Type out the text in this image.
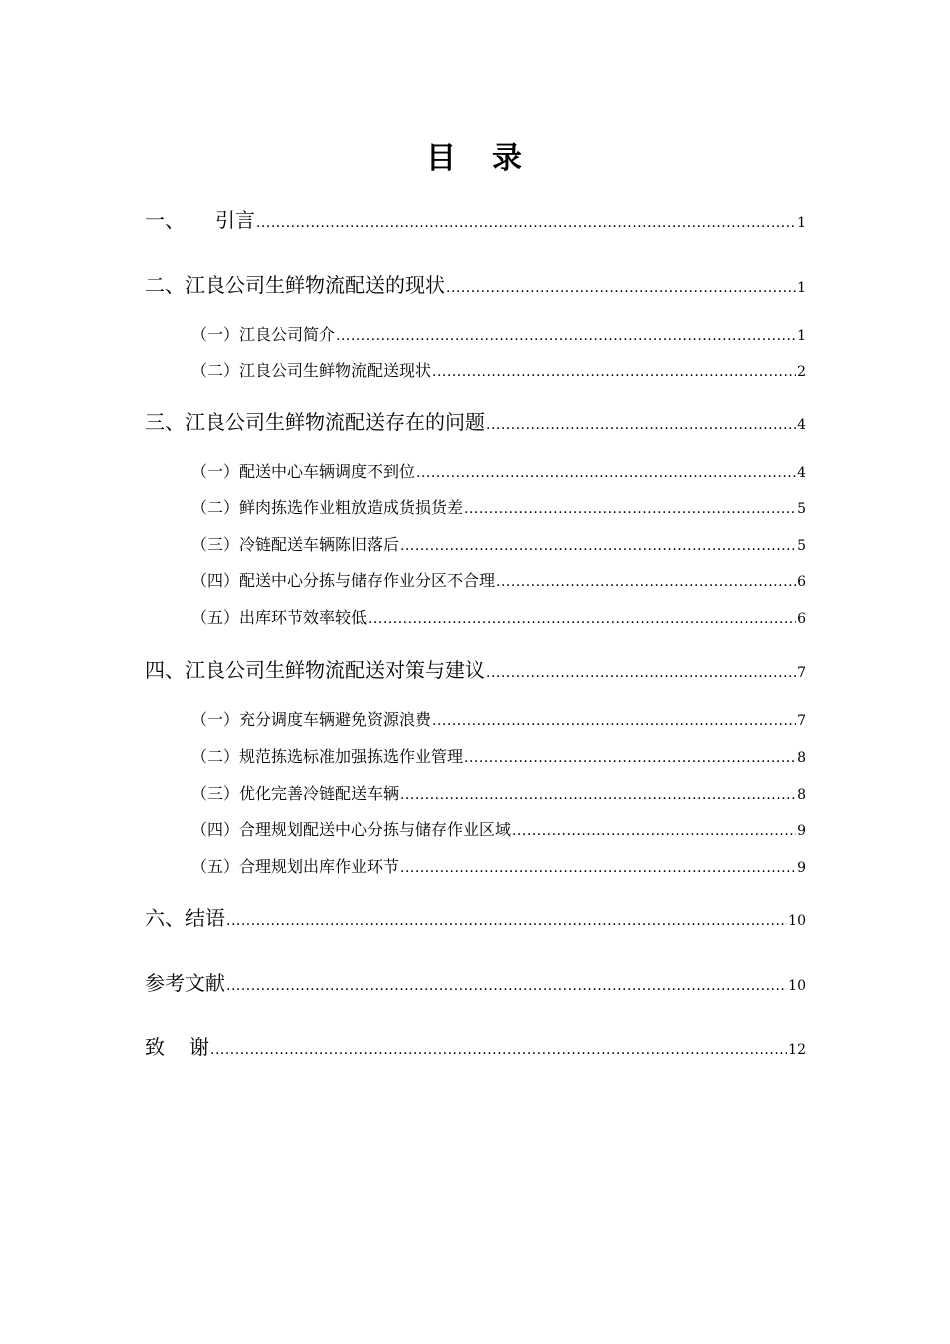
目 录
一、 引言 .....	1
二、江良公司生鲜物流配送的现状 .....	1
（一）江良公司简介 .....	1
（二）江良公司生鲜物流配送现状 .....	2
三、江良公司生鲜物流配送存在的问题 .....	4
（一）配送中心车辆调度不到位 .....	4
（二）鲜肉拣选作业粗放造成货损货差 .....	5
（三）冷链配送车辆陈旧落后 .....	5
（四）配送中心分拣与储存作业分区不合理 .....	6
（五）出库环节效率较低 .....	6
四、江良公司生鲜物流配送对策与建议 .....	7
（一）充分调度车辆避免资源浪费 .....	7
（二）规范拣选标准加强拣选作业管理 .....	8
（三）优化完善冷链配送车辆 .....	8
（四）合理规划配送中心分拣与储存作业区域 .....	9
（五）合理规划出库作业环节 .....	9
六、结语 .....	10
参考文献 .....	10
致 谢 .....	12
